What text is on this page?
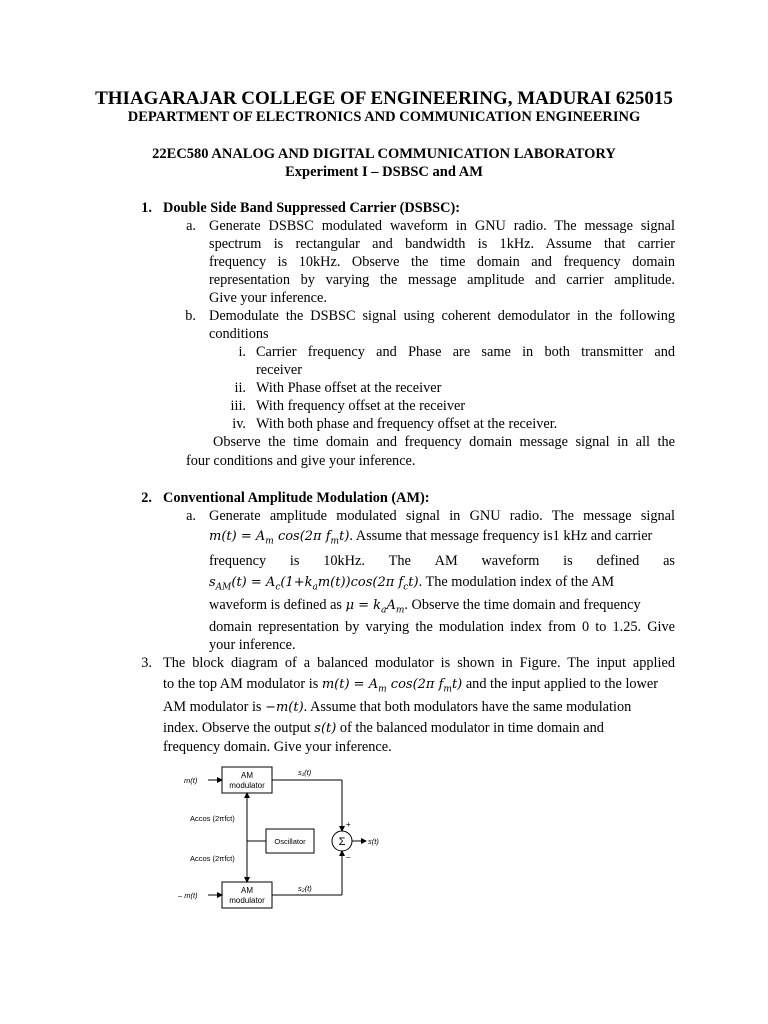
THIAGARAJAR COLLEGE OF ENGINEERING, MADURAI 625015
DEPARTMENT OF ELECTRONICS AND COMMUNICATION ENGINEERING
22EC580 ANALOG AND DIGITAL COMMUNICATION LABORATORY
Experiment I – DSBSC and AM
1. Double Side Band Suppressed Carrier (DSBSC):
a. Generate DSBSC modulated waveform in GNU radio. The message signal
spectrum is rectangular and bandwidth is 1kHz. Assume that carrier
frequency is 10kHz. Observe the time domain and frequency domain
representation by varying the message amplitude and carrier amplitude.
Give your inference.
b. Demodulate the DSBSC signal using coherent demodulator in the following
conditions
i. Carrier frequency and Phase are same in both transmitter and
receiver
ii. With Phase offset at the receiver
iii. With frequency offset at the receiver
iv. With both phase and frequency offset at the receiver.
Observe the time domain and frequency domain message signal in all the
four conditions and give your inference.
2. Conventional Amplitude Modulation (AM):
a. Generate amplitude modulated signal in GNU radio. The message signal
$m(t) = A_m$ cos(2π $f_mt$). Assume that message frequency is1 kHz and carrier
frequency is 10kHz. The AM waveform is defined as
$s_{AM}(t) = A_c(1+k_am(t))\cos(2\pi$ $f_ct$). The modulation index of the AM
waveform is defined as $\mu = k_aA_m$. Observe the time domain and frequency
domain representation by varying the modulation index from 0 to 1.25. Give
your inference.
3. The block diagram of a balanced modulator is shown in Figure. The input applied
to the top AM modulator is $m(t) = A_m$ cos(2π $f_mt$) and the input applied to the lower
AM modulator is −m(t). Assume that both modulators have the same modulation
index. Observe the output s(t) of the balanced modulator in time domain and
frequency domain. Give your inference.
AM
modulator
AM
modulator
Oscillator
m(t)
– m(t)
Aᴄcos (2πfᴄt)
Aᴄcos (2πfᴄt)
s₁(t)
s₂(t)
Σ
+
−
s(t)
